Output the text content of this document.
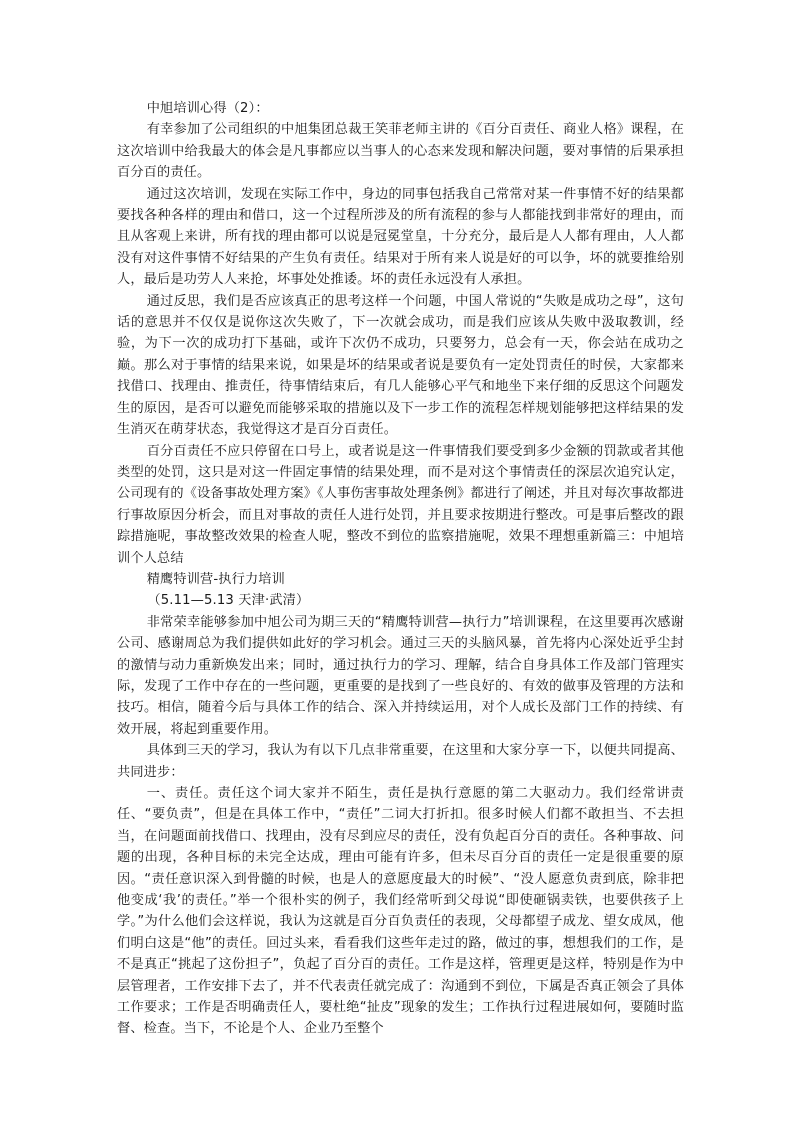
中旭培训心得（2）：

有幸参加了公司组织的中旭集团总裁王笑菲老师主讲的《百分百责任、商业人格》课程，在这次培训中给我最大的体会是凡事都应以当事人的心态来发现和解决问题，要对事情的后果承担百分百的责任。

通过这次培训，发现在实际工作中，身边的同事包括我自己常常对某一件事情不好的结果都要找各种各样的理由和借口，这一个过程所涉及的所有流程的参与人都能找到非常好的理由，而且从客观上来讲，所有找的理由都可以说是冠冕堂皇，十分充分，最后是人人都有理由，人人都没有对这件事情不好结果的产生负有责任。结果对于所有来人说是好的可以争，坏的就要推给别人，最后是功劳人人来抢，坏事处处推诿。坏的责任永远没有人承担。

通过反思，我们是否应该真正的思考这样一个问题，中国人常说的“失败是成功之母”，这句话的意思并不仅仅是说你这次失败了，下一次就会成功，而是我们应该从失败中汲取教训，经验，为下一次的成功打下基础，或许下次仍不成功，只要努力，总会有一天，你会站在成功之巅。那么对于事情的结果来说，如果是坏的结果或者说是要负有一定处罚责任的时侯，大家都来找借口、找理由、推责任，待事情结束后，有几人能够心平气和地坐下来仔细的反思这个问题发生的原因，是否可以避免而能够采取的措施以及下一步工作的流程怎样规划能够把这样结果的发生消灭在萌芽状态，我觉得这才是百分百责任。

百分百责任不应只停留在口号上，或者说是这一件事情我们要受到多少金额的罚款或者其他类型的处罚，这只是对这一件固定事情的结果处理，而不是对这个事情责任的深层次追究认定，公司现有的《设备事故处理方案》《人事伤害事故处理条例》都进行了阐述，并且对每次事故都进行事故原因分析会，而且对事故的责任人进行处罚，并且要求按期进行整改。可是事后整改的跟踪措施呢，事故整改效果的检查人呢，整改不到位的监察措施呢，效果不理想重新篇三：中旭培训个人总结

精鹰特训营-执行力培训

（5.11—5.13 天津·武清）

非常荣幸能够参加中旭公司为期三天的“精鹰特训营—执行力”培训课程，在这里要再次感谢公司、感谢周总为我们提供如此好的学习机会。通过三天的头脑风暴，首先将内心深处近乎尘封的激情与动力重新焕发出来；同时，通过执行力的学习、理解，结合自身具体工作及部门管理实际，发现了工作中存在的一些问题，更重要的是找到了一些良好的、有效的做事及管理的方法和技巧。相信，随着今后与具体工作的结合、深入并持续运用，对个人成长及部门工作的持续、有效开展，将起到重要作用。

具体到三天的学习，我认为有以下几点非常重要，在这里和大家分享一下，以便共同提高、共同进步：

一、责任。责任这个词大家并不陌生，责任是执行意愿的第二大驱动力。我们经常讲责任、“要负责”，但是在具体工作中，“责任”二词大打折扣。很多时候人们都不敢担当、不去担当，在问题面前找借口、找理由，没有尽到应尽的责任，没有负起百分百的责任。各种事故、问题的出现，各种目标的未完全达成，理由可能有许多，但未尽百分百的责任一定是很重要的原因。“责任意识深入到骨髓的时候，也是人的意愿度最大的时候”、“没人愿意负责到底，除非把他变成‘我’的责任。”举一个很朴实的例子，我们经常听到父母说“即使砸锅卖铁，也要供孩子上学。”为什么他们会这样说，我认为这就是百分百负责任的表现，父母都望子成龙、望女成凤，他们明白这是“他”的责任。回过头来，看看我们这些年走过的路，做过的事，想想我们的工作，是不是真正“挑起了这份担子”，负起了百分百的责任。工作是这样，管理更是这样，特别是作为中层管理者，工作安排下去了，并不代表责任就完成了：沟通到不到位，下属是否真正领会了具体工作要求；工作是否明确责任人，要杜绝“扯皮”现象的发生；工作执行过程进展如何，要随时监督、检查。当下，不论是个人、企业乃至整个
